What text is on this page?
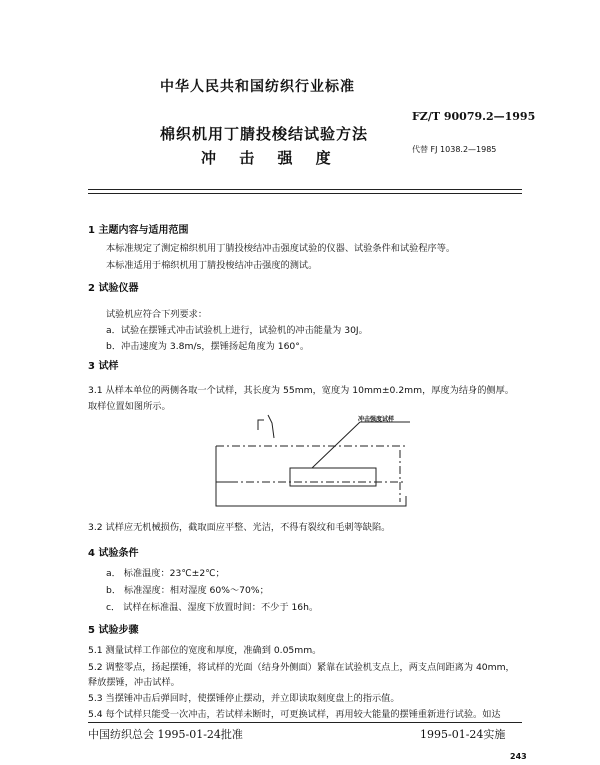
中华人民共和国纺织行业标准
FZ/T 90079.2—1995
棉织机用丁腈投梭结试验方法
冲 击 强 度	代替 FJ 1038.2—1985
1 主题内容与适用范围
本标准规定了测定棉织机用丁腈投梭结冲击强度试验的仪器、试验条件和试验程序等。
本标准适用于棉织机用丁腈投梭结冲击强度的测试。
2 试验仪器
试验机应符合下列要求：
a．试验在摆锤式冲击试验机上进行，试验机的冲击能量为 30J。
b．冲击速度为 3.8m/s，摆锤扬起角度为 160°。
3 试样
3.1 从样本单位的两侧各取一个试样，其长度为 55mm，宽度为 10mm±0.2mm，厚度为结身的侧厚。
取样位置如图所示。
冲击强度试样
3.2 试样应无机械损伤，截取面应平整、光洁，不得有裂纹和毛刺等缺陷。
4 试验条件
a． 标准温度：23℃±2℃；
b． 标准湿度：相对湿度 60%～70%；
c． 试样在标准温、湿度下放置时间：不少于 16h。
5 试验步骤
5.1 测量试样工作部位的宽度和厚度，准确到 0.05mm。
5.2 调整零点，扬起摆锤，将试样的光面（结身外侧面）紧靠在试验机支点上，两支点间距离为 40mm，
释放摆锤，冲击试样。
5.3 当摆锤冲击后弹回时，使摆锤停止摆动，并立即读取刻度盘上的指示值。
5.4 每个试样只能受一次冲击，若试样未断时，可更换试样，再用较大能量的摆锤重新进行试验。如达
中国纺织总会 1995-01-24批准	1995-01-24实施
243
